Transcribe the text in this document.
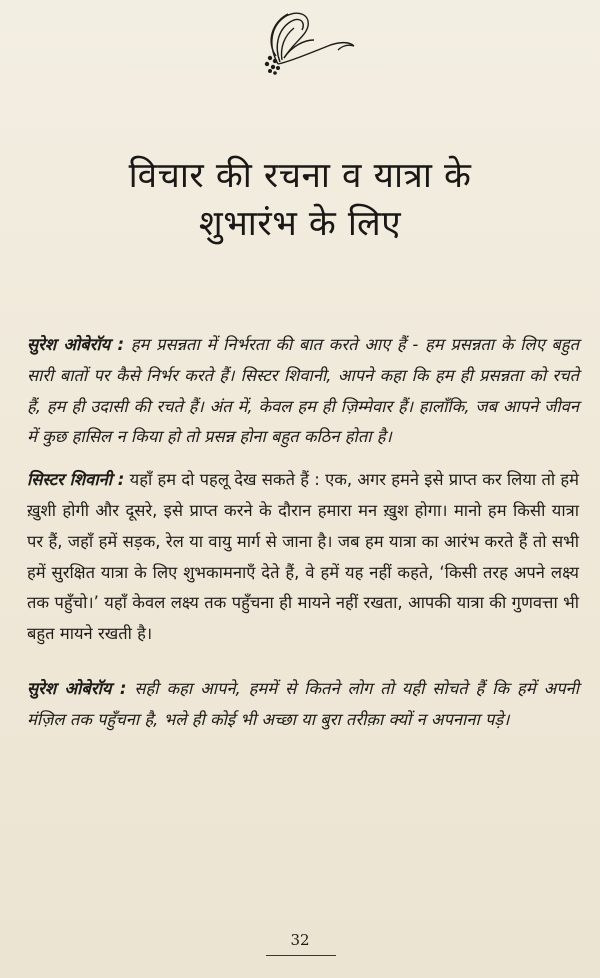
विचार की रचना व यात्रा के
शुभारंभ के लिए

सुरेश ओबेरॉय : हम प्रसन्नता में निर्भरता की बात करते आए हैं - हम प्रसन्नता के लिए बहुत सारी बातों पर कैसे निर्भर करते हैं। सिस्टर शिवानी, आपने कहा कि हम ही प्रसन्नता को रचते हैं, हम ही उदासी की रचते हैं। अंत में, केवल हम ही ज़िम्मेवार हैं। हालाँकि, जब आपने जीवन में कुछ हासिल न किया हो तो प्रसन्न होना बहुत कठिन होता है।

सिस्टर शिवानी : यहाँ हम दो पहलू देख सकते हैं : एक, अगर हमने इसे प्राप्त कर लिया तो हमे ख़ुशी होगी और दूसरे, इसे प्राप्त करने के दौरान हमारा मन ख़ुश होगा। मानो हम किसी यात्रा पर हैं, जहाँ हमें सड़क, रेल या वायु मार्ग से जाना है। जब हम यात्रा का आरंभ करते हैं तो सभी हमें सुरक्षित यात्रा के लिए शुभकामनाएँ देते हैं, वे हमें यह नहीं कहते, ‘किसी तरह अपने लक्ष्य तक पहुँचो।’ यहाँ केवल लक्ष्य तक पहुँचना ही मायने नहीं रखता, आपकी यात्रा की गुणवत्ता भी बहुत मायने रखती है।

सुरेश ओबेरॉय : सही कहा आपने, हममें से कितने लोग तो यही सोचते हैं कि हमें अपनी मंज़िल तक पहुँचना है, भले ही कोई भी अच्छा या बुरा तरीक़ा क्यों न अपनाना पड़े।

32
